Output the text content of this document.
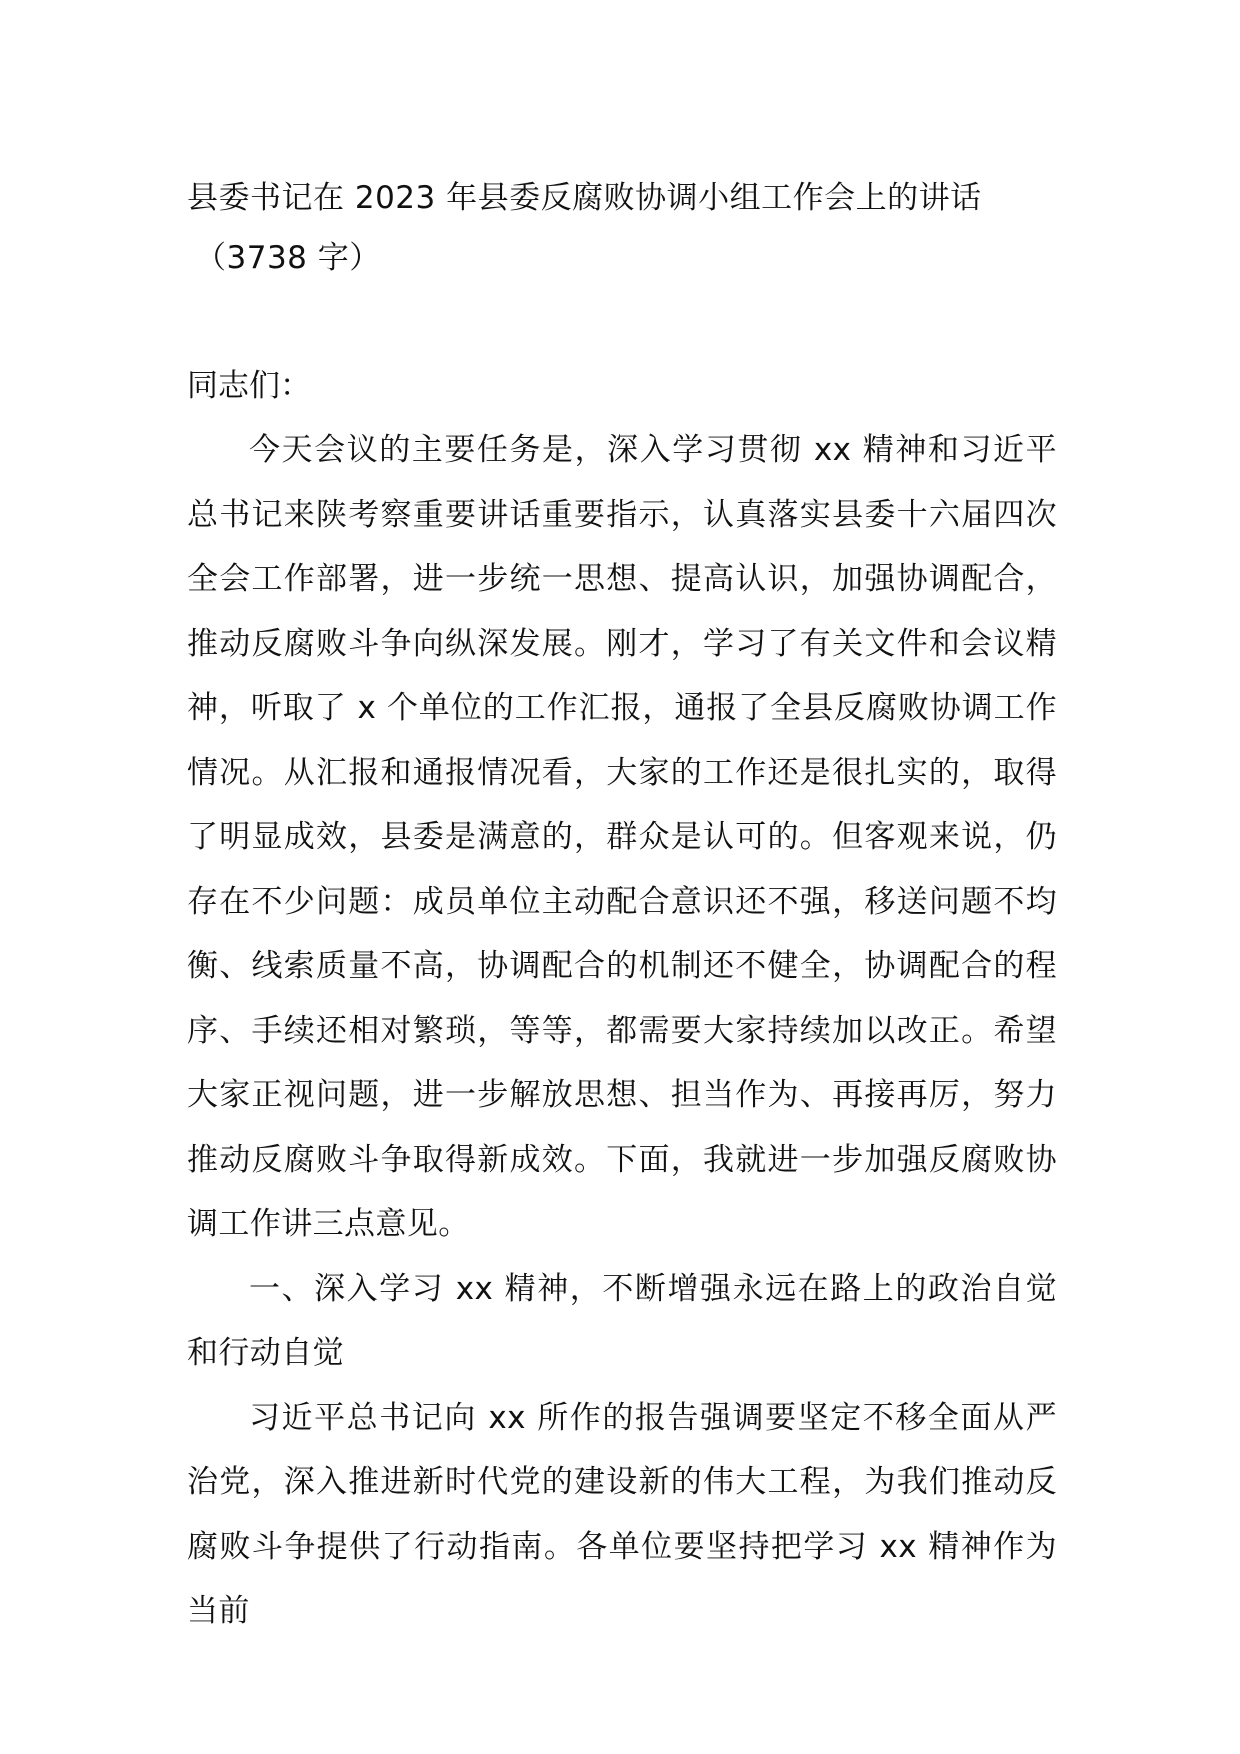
县委书记在 2023 年县委反腐败协调小组工作会上的讲话
（3738 字）

同志们：

今天会议的主要任务是，深入学习贯彻 xx 精神和习近平总书记来陕考察重要讲话重要指示，认真落实县委十六届四次全会工作部署，进一步统一思想、提高认识，加强协调配合，推动反腐败斗争向纵深发展。刚才，学习了有关文件和会议精神，听取了 x 个单位的工作汇报，通报了全县反腐败协调工作情况。从汇报和通报情况看，大家的工作还是很扎实的，取得了明显成效，县委是满意的，群众是认可的。但客观来说，仍存在不少问题：成员单位主动配合意识还不强，移送问题不均衡、线索质量不高，协调配合的机制还不健全，协调配合的程序、手续还相对繁琐，等等，都需要大家持续加以改正。希望大家正视问题，进一步解放思想、担当作为、再接再厉，努力推动反腐败斗争取得新成效。下面，我就进一步加强反腐败协调工作讲三点意见。

一、深入学习 xx 精神，不断增强永远在路上的政治自觉和行动自觉

习近平总书记向 xx 所作的报告强调要坚定不移全面从严治党，深入推进新时代党的建设新的伟大工程，为我们推动反腐败斗争提供了行动指南。各单位要坚持把学习 xx 精神作为当前
